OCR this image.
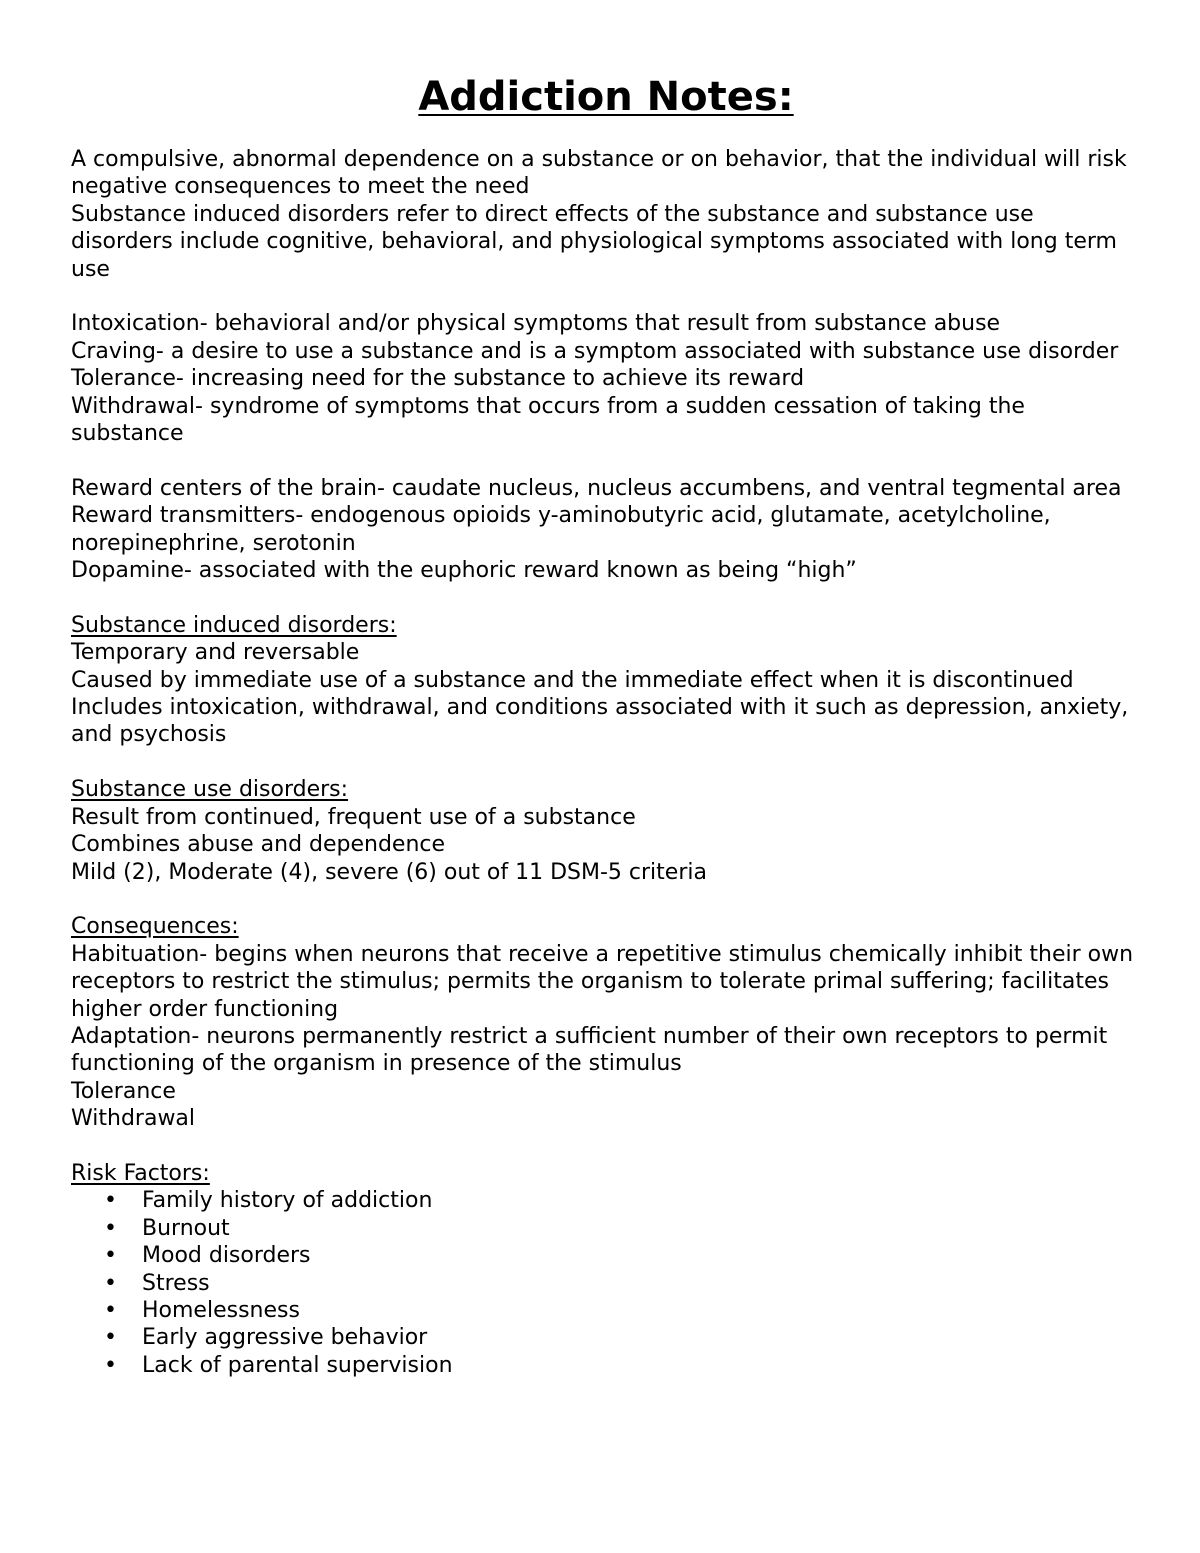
Addiction Notes:

A compulsive, abnormal dependence on a substance or on behavior, that the individual will risk negative consequences to meet the need

Substance induced disorders refer to direct effects of the substance and substance use disorders include cognitive, behavioral, and physiological symptoms associated with long term use

Intoxication- behavioral and/or physical symptoms that result from substance abuse

Craving- a desire to use a substance and is a symptom associated with substance use disorder

Tolerance- increasing need for the substance to achieve its reward

Withdrawal- syndrome of symptoms that occurs from a sudden cessation of taking the substance

Reward centers of the brain- caudate nucleus, nucleus accumbens, and ventral tegmental area

Reward transmitters- endogenous opioids y-aminobutyric acid, glutamate, acetylcholine, norepinephrine, serotonin

Dopamine- associated with the euphoric reward known as being “high”

Substance induced disorders:

Temporary and reversable

Caused by immediate use of a substance and the immediate effect when it is discontinued

Includes intoxication, withdrawal, and conditions associated with it such as depression, anxiety, and psychosis

Substance use disorders:

Result from continued, frequent use of a substance

Combines abuse and dependence

Mild (2), Moderate (4), severe (6) out of 11 DSM-5 criteria

Consequences:

Habituation- begins when neurons that receive a repetitive stimulus chemically inhibit their own receptors to restrict the stimulus; permits the organism to tolerate primal suffering; facilitates higher order functioning

Adaptation- neurons permanently restrict a sufficient number of their own receptors to permit functioning of the organism in presence of the stimulus

Tolerance

Withdrawal

Risk Factors:

• Family history of addiction
• Burnout
• Mood disorders
• Stress
• Homelessness
• Early aggressive behavior
• Lack of parental supervision
